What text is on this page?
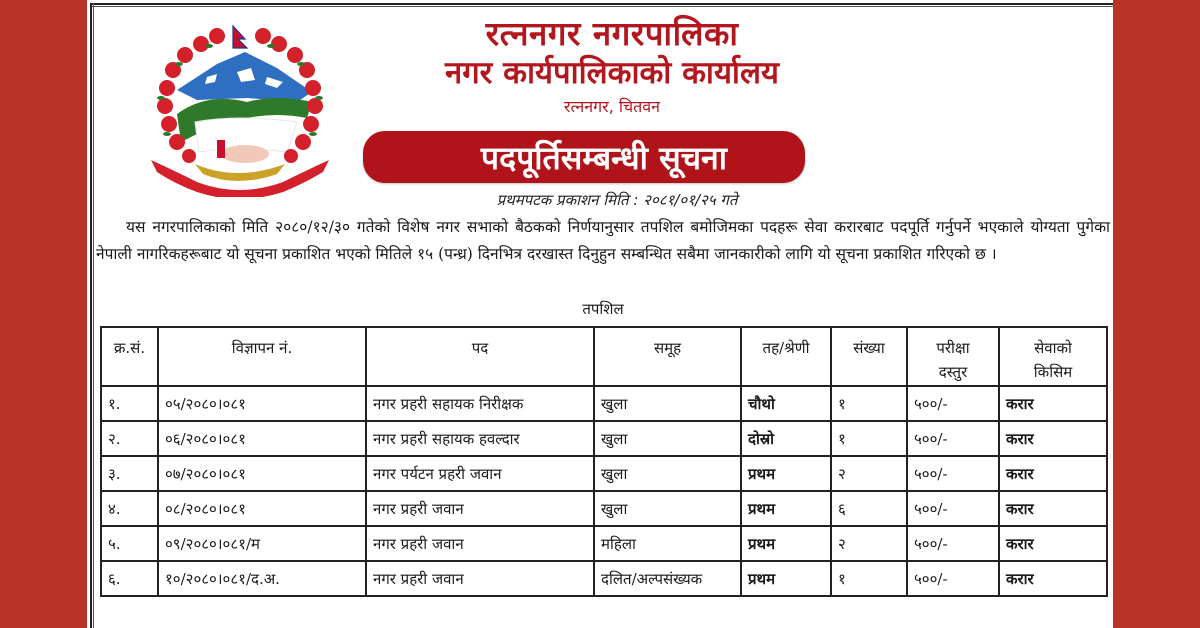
रत्ननगर नगरपालिका
नगर कार्यपालिकाको कार्यालय
रत्ननगर, चितवन
पदपूर्तिसम्बन्धी सूचना
प्रथमपटक प्रकाशन मिति : २०८१/०१/२५ गते
यस नगरपालिकाको मिति २०८०/१२/३० गतेको विशेष नगर सभाको बैठकको निर्णयानुसार तपशिल बमोजिमका पदहरू सेवा करारबाट पदपूर्ति गर्नुपर्ने भएकाले योग्यता पुगेका नेपाली नागरिकहरूबाट यो सूचना प्रकाशित भएको मितिले १५ (पन्ध्र) दिनभित्र दरखास्त दिनुहुन सम्बन्धित सबैमा जानकारीको लागि यो सूचना प्रकाशित गरिएको छ ।
तपशिल
क्र.सं.	विज्ञापन नं.	पद	समूह	तह/श्रेणी	संख्या	परीक्षा दस्तुर	सेवाको किसिम
१.	०५/२०८०।०८१	नगर प्रहरी सहायक निरीक्षक	खुला	चौथो	१	५००/-	करार
२.	०६/२०८०।०८१	नगर प्रहरी सहायक हवल्दार	खुला	दोस्रो	१	५००/-	करार
३.	०७/२०८०।०८१	नगर पर्यटन प्रहरी जवान	खुला	प्रथम	२	५००/-	करार
४.	०८/२०८०।०८१	नगर प्रहरी जवान	खुला	प्रथम	६	५००/-	करार
५.	०९/२०८०।०८१/म	नगर प्रहरी जवान	महिला	प्रथम	२	५००/-	करार
६.	१०/२०८०।०८१/द.अ.	नगर प्रहरी जवान	दलित/अल्पसंख्यक	प्रथम	१	५००/-	करार
